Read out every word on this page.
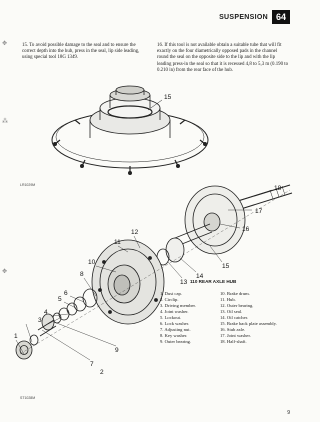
SUSPENSION 64
15. To avoid possible damage to the seal and to ensure the correct depth into the hub, press in the seal, lip side leading, using special tool 18G 1349.
16. If this tool is not available obtain a suitable tube that will fit exactly on the four diametrically opposed pads in the channel round the seal on the opposite side to the lip and with the lip leading press-in the seal so that it is recessed 4,8 to 5,3 m (0.190 to 0.210 in) from the rear face of the hub.
✥
⁂
✥
15
18
17
16
15
14
13
12
11
10
9
8
7
6
5
4
3
2
1
LR1029M
ST1028M
110 REAR AXLE HUB
1. Dust cap.	10. Brake drum.
2. Circlip.	11. Hub.
3. Driving member.	12. Outer bearing.
4. Joint washer.	13. Oil seal.
5. Lockout.	14. Oil catcher.
6. Lock washer.	15. Brake back plate assembly.
7. Adjusting nut.	16. Stub axle.
8. Key washer.	17. Joint washer.
9. Outer bearing.	18. Half-shaft.
9
